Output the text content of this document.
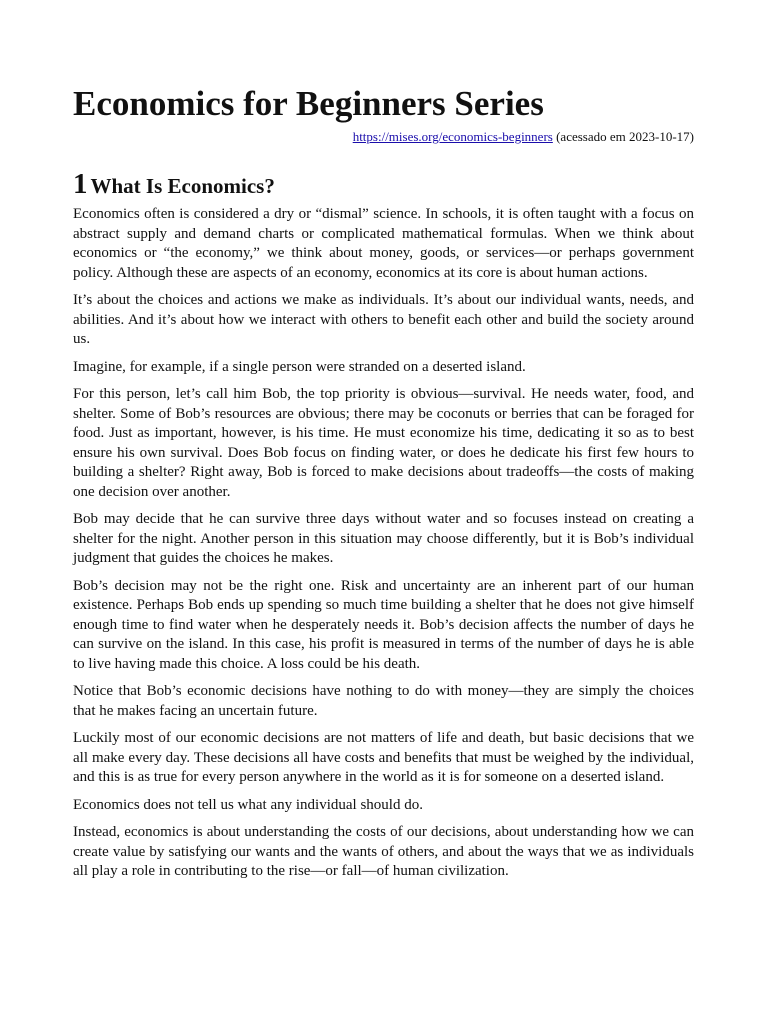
Economics for Beginners Series
https://mises.org/economics-beginners (acessado em 2023-10-17)
1 What Is Economics?

Economics often is considered a dry or “dismal” science. In schools, it is often taught with a focus on abstract supply and demand charts or complicated mathematical formulas. When we think about economics or “the economy,” we think about money, goods, or services—or perhaps government policy. Although these are aspects of an economy, economics at its core is about human actions.

It’s about the choices and actions we make as individuals. It’s about our individual wants, needs, and abilities. And it’s about how we interact with others to benefit each other and build the society around us.

Imagine, for example, if a single person were stranded on a deserted island.

For this person, let’s call him Bob, the top priority is obvious—survival. He needs water, food, and shelter. Some of Bob’s resources are obvious; there may be coconuts or berries that can be foraged for food. Just as important, however, is his time. He must economize his time, dedicating it so as to best ensure his own survival. Does Bob focus on finding water, or does he dedicate his first few hours to building a shelter? Right away, Bob is forced to make decisions about tradeoffs—the costs of making one decision over another.

Bob may decide that he can survive three days without water and so focuses instead on creating a shelter for the night. Another person in this situation may choose differently, but it is Bob’s individual judgment that guides the choices he makes.

Bob’s decision may not be the right one. Risk and uncertainty are an inherent part of our human existence. Perhaps Bob ends up spending so much time building a shelter that he does not give himself enough time to find water when he desperately needs it. Bob’s decision affects the number of days he can survive on the island. In this case, his profit is measured in terms of the number of days he is able to live having made this choice. A loss could be his death.

Notice that Bob’s economic decisions have nothing to do with money—they are simply the choices that he makes facing an uncertain future.

Luckily most of our economic decisions are not matters of life and death, but basic decisions that we all make every day. These decisions all have costs and benefits that must be weighed by the individual, and this is as true for every person anywhere in the world as it is for someone on a deserted island.

Economics does not tell us what any individual should do.

Instead, economics is about understanding the costs of our decisions, about understanding how we can create value by satisfying our wants and the wants of others, and about the ways that we as individuals all play a role in contributing to the rise—or fall—of human civilization.
